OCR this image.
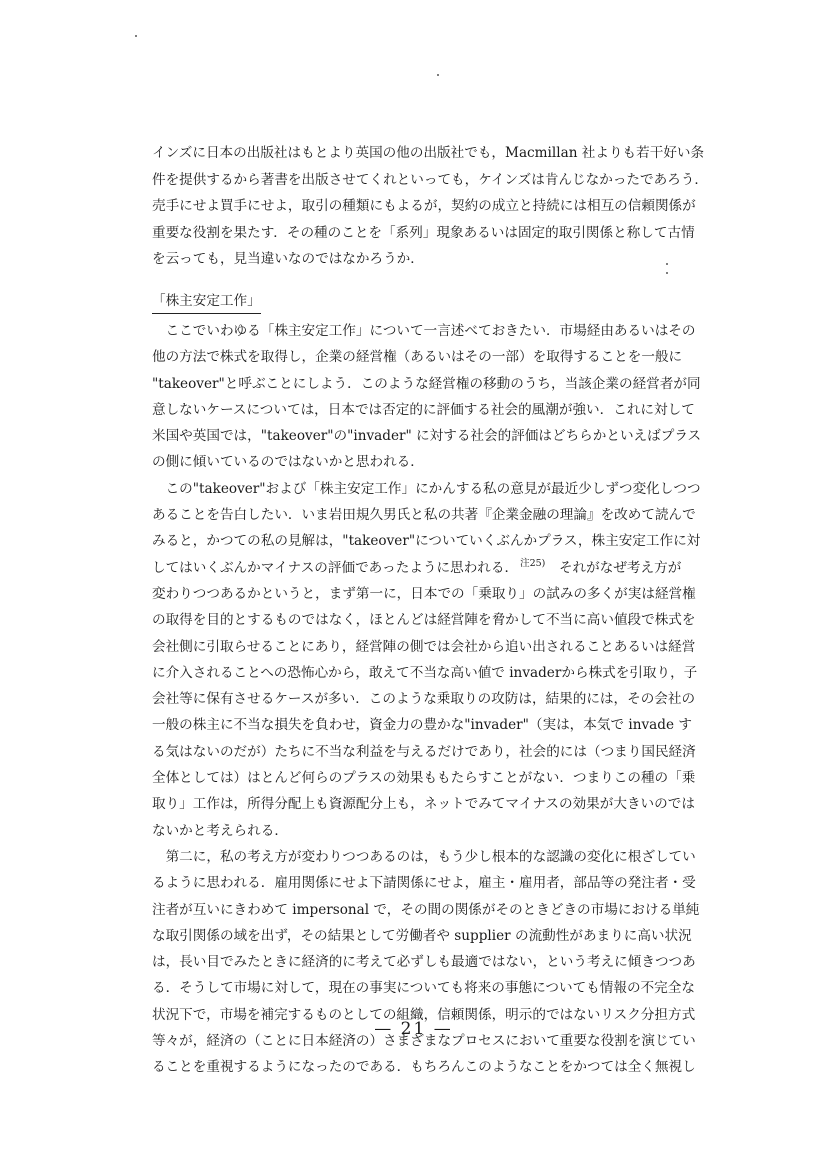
インズに日本の出版社はもとより英国の他の出版社でも，Macmillan 社よりも若干好い条
件を提供するから著書を出版させてくれといっても，ケインズは肯んじなかったであろう．
売手にせよ買手にせよ，取引の種類にもよるが，契約の成立と持続には相互の信頼関係が
重要な役割を果たす．その種のことを「系列」現象あるいは固定的取引関係と称して古情
を云っても，見当違いなのではなかろうか．
「株主安定工作」
　ここでいわゆる「株主安定工作」について一言述べておきたい．市場経由あるいはその
他の方法で株式を取得し，企業の経営権（あるいはその一部）を取得することを一般に
"takeover"と呼ぶことにしよう．このような経営権の移動のうち，当該企業の経営者が同
意しないケースについては，日本では否定的に評価する社会的風潮が強い．これに対して
米国や英国では，"takeover"の"invader" に対する社会的評価はどちらかといえばプラス
の側に傾いているのではないかと思われる．
　この"takeover"および「株主安定工作」にかんする私の意見が最近少しずつ変化しつつ
あることを告白したい．いま岩田規久男氏と私の共著『企業金融の理論』を改めて読んで
みると，かつての私の見解は，"takeover"についていくぶんかプラス，株主安定工作に対
してはいくぶんかマイナスの評価であったように思われる． $^{注25)}$　それがなぜ考え方が
変わりつつあるかというと，まず第一に，日本での「乗取り」の試みの多くが実は経営権
の取得を目的とするものではなく，ほとんどは経営陣を脅かして不当に高い値段で株式を
会社側に引取らせることにあり，経営陣の側では会社から追い出されることあるいは経営
に介入されることへの恐怖心から，敢えて不当な高い値で invaderから株式を引取り，子
会社等に保有させるケースが多い．このような乗取りの攻防は，結果的には，その会社の
一般の株主に不当な損失を負わせ，資金力の豊かな"invader"（実は，本気で invade す
る気はないのだが）たちに不当な利益を与えるだけであり，社会的には（つまり国民経済
全体としては）はとんど何らのプラスの効果ももたらすことがない．つまりこの種の「乗
取り」工作は，所得分配上も資源配分上も，ネットでみてマイナスの効果が大きいのでは
ないかと考えられる．
　第二に，私の考え方が変わりつつあるのは，もう少し根本的な認識の変化に根ざしてい
るように思われる．雇用関係にせよ下請関係にせよ，雇主・雇用者，部品等の発注者・受
注者が互いにきわめて impersonal で，その間の関係がそのときどきの市場における単純
な取引関係の域を出ず，その結果として労働者や supplier の流動性があまりに高い状況
は，長い目でみたときに経済的に考えて必ずしも最適ではない，という考えに傾きつつあ
る．そうして市場に対して，現在の事実についても将来の事態についても情報の不完全な
状況下で，市場を補完するものとしての組織，信頼関係，明示的ではないリスク分担方式
等々が，経済の（ことに日本経済の）さまざまなプロセスにおいて重要な役割を演じてい
ることを重視するようになったのである．もちろんこのようなことをかつては全く無視し
— 21 —
